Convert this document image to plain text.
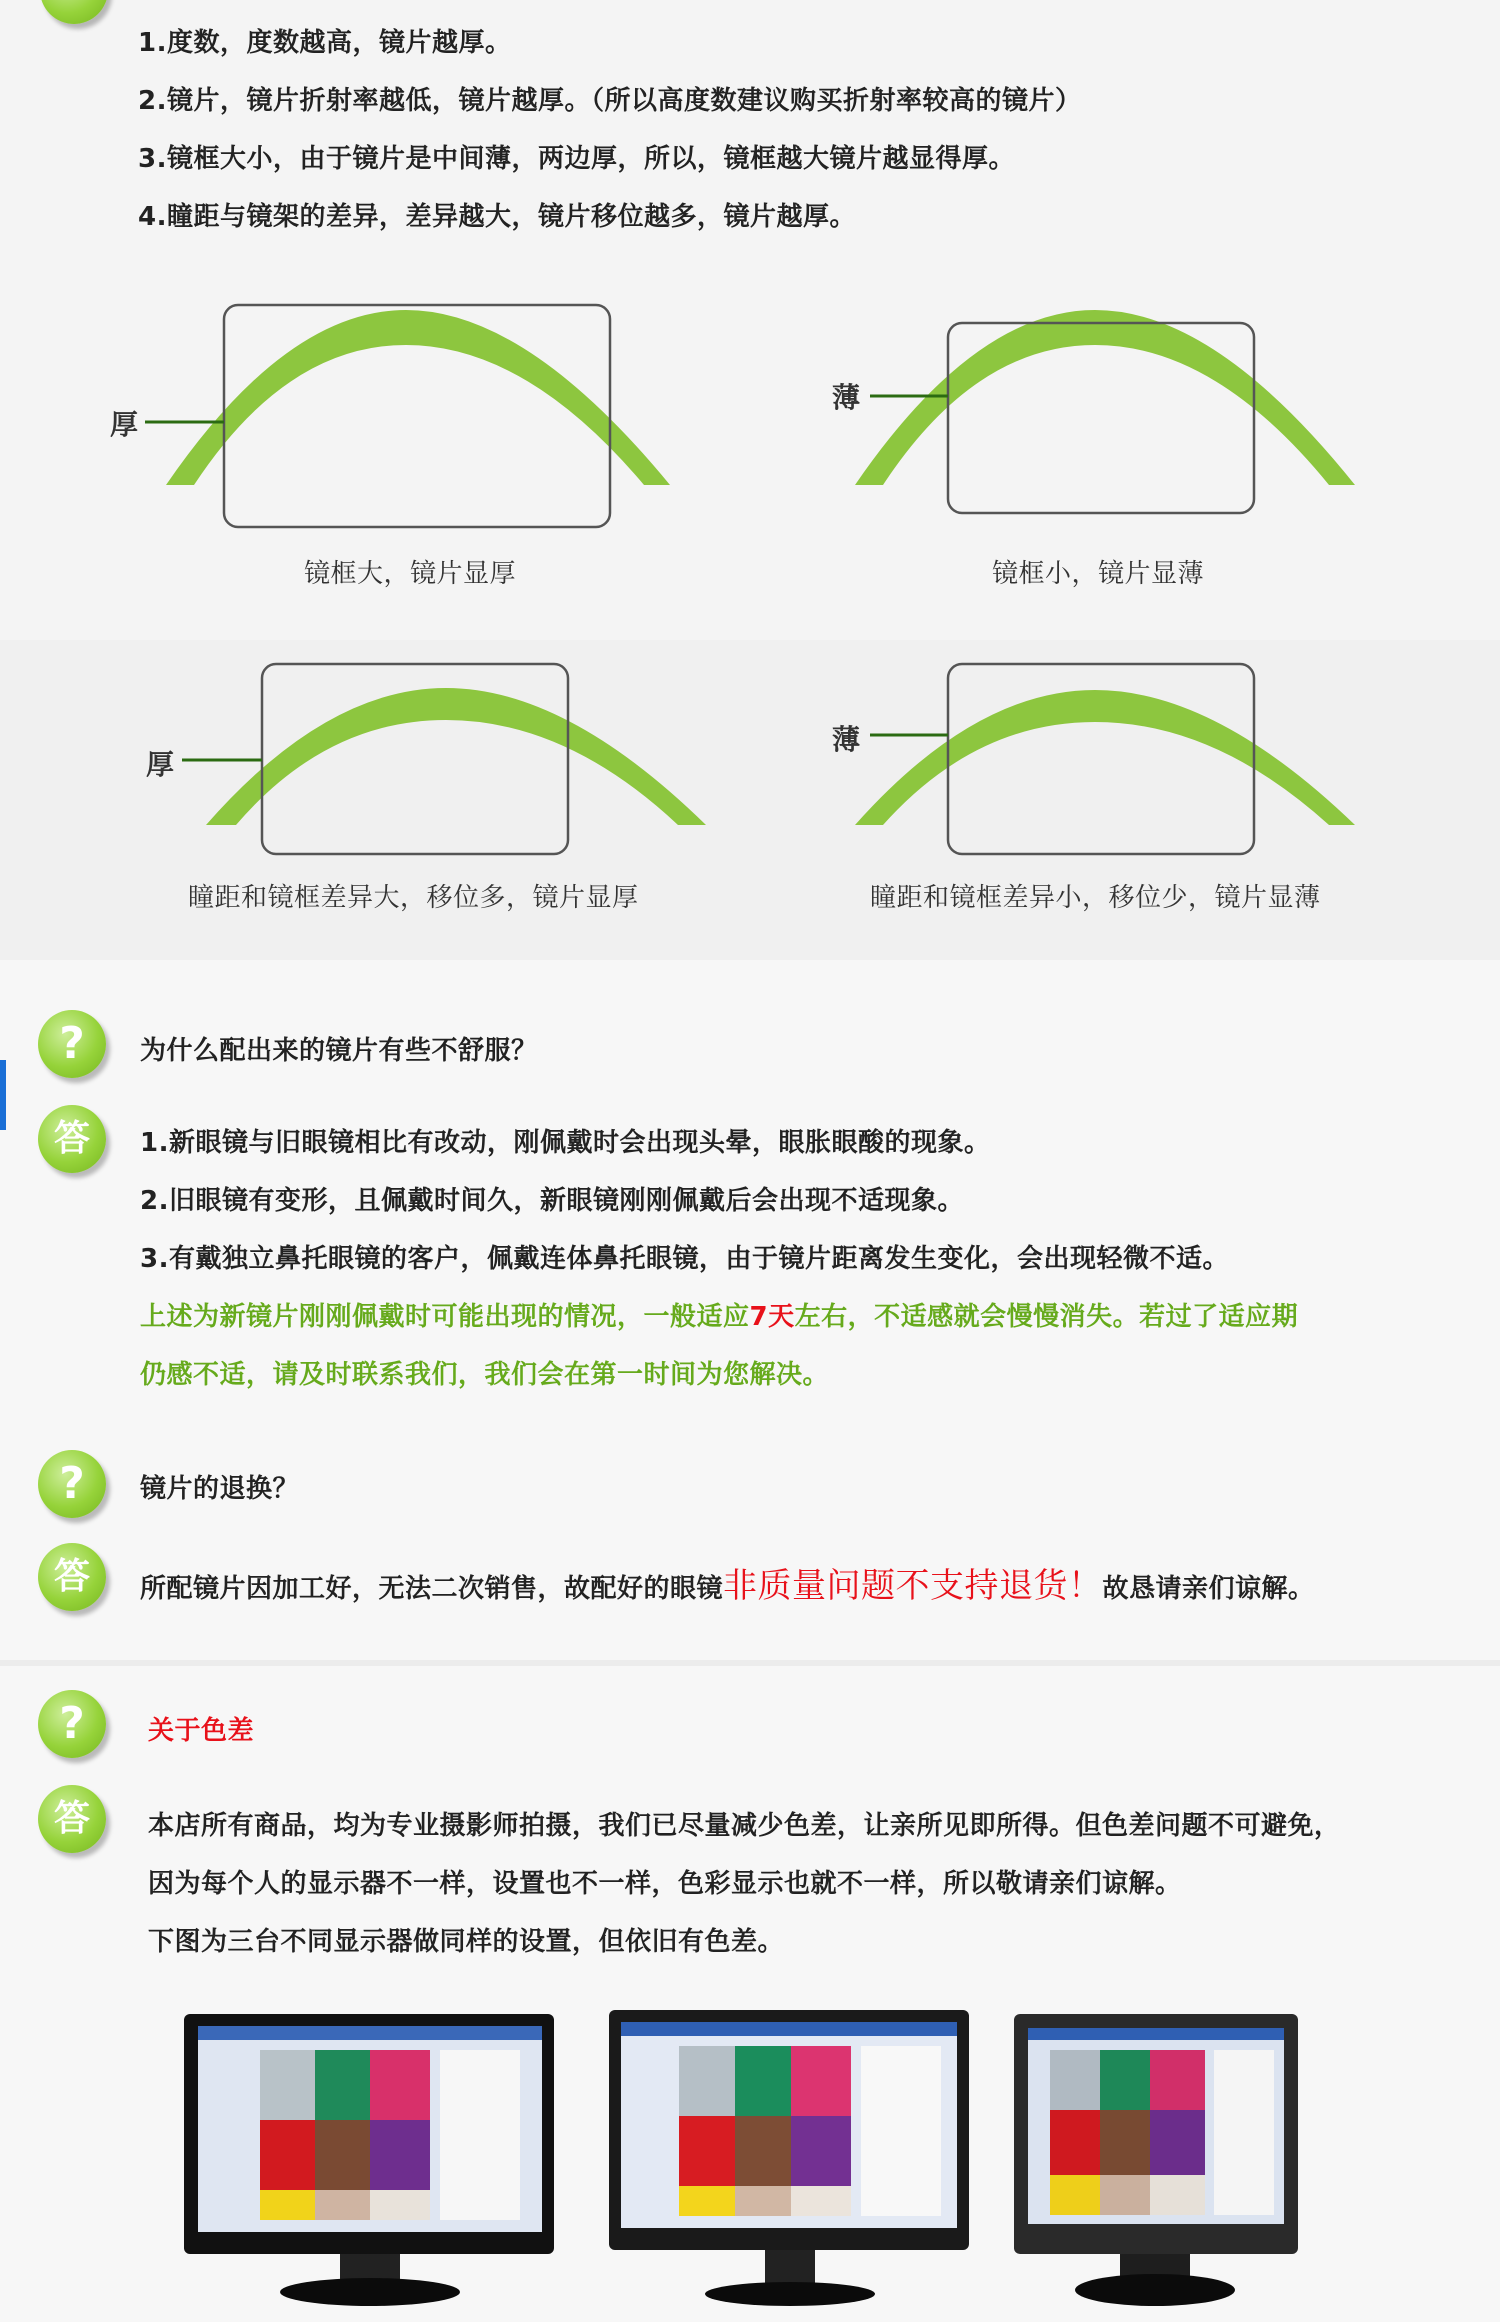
1.度数，度数越高，镜片越厚。
2.镜片，镜片折射率越低，镜片越厚。（所以高度数建议购买折射率较高的镜片）
3.镜框大小，由于镜片是中间薄，两边厚，所以，镜框越大镜片越显得厚。
4.瞳距与镜架的差异，差异越大，镜片移位越多，镜片越厚。
厚
镜框大，镜片显厚
薄
镜框小，镜片显薄
厚
瞳距和镜框差异大，移位多，镜片显厚
薄
瞳距和镜框差异小，移位少，镜片显薄
?	为什么配出来的镜片有些不舒服？
答	1.新眼镜与旧眼镜相比有改动，刚佩戴时会出现头晕，眼胀眼酸的现象。
2.旧眼镜有变形，且佩戴时间久，新眼镜刚刚佩戴后会出现不适现象。
3.有戴独立鼻托眼镜的客户，佩戴连体鼻托眼镜，由于镜片距离发生变化，会出现轻微不适。
上述为新镜片刚刚佩戴时可能出现的情况，一般适应7天左右，不适感就会慢慢消失。若过了适应期
仍感不适，请及时联系我们，我们会在第一时间为您解决。
?	镜片的退换？
答	所配镜片因加工好，无法二次销售，故配好的眼镜非质量问题不支持退货！故恳请亲们谅解。
?	关于色差
答	本店所有商品，均为专业摄影师拍摄，我们已尽量减少色差，让亲所见即所得。但色差问题不可避免，
因为每个人的显示器不一样，设置也不一样，色彩显示也就不一样，所以敬请亲们谅解。
下图为三台不同显示器做同样的设置，但依旧有色差。
